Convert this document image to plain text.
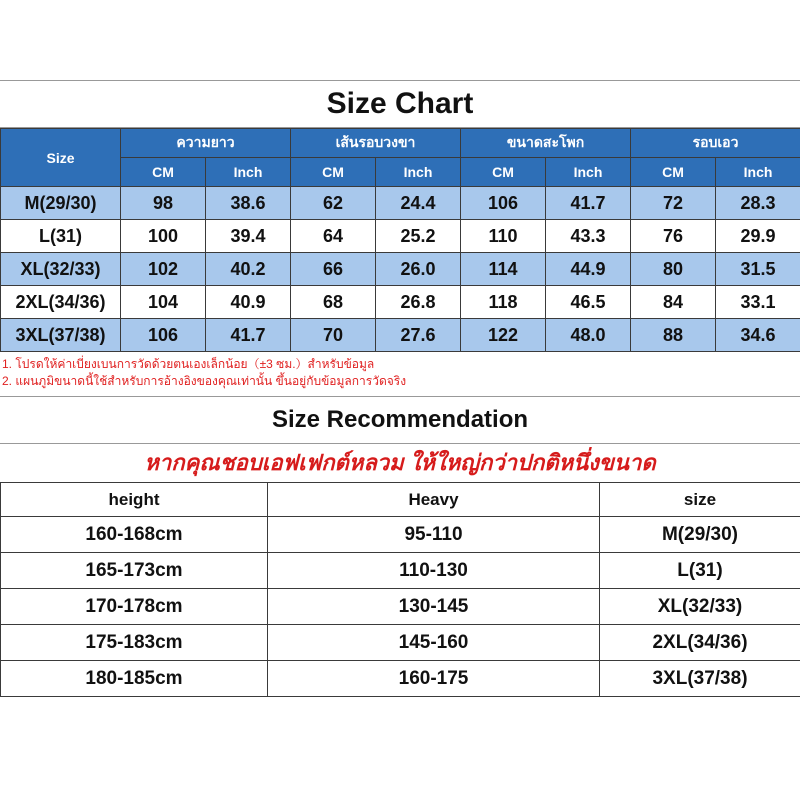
Size Chart
Size	ความยาว		เส้นรอบวงขา		ขนาดสะโพก		รอบเอว	
	CM	Inch	CM	Inch	CM	Inch	CM	Inch
M(29/30)	98	38.6	62	24.4	106	41.7	72	28.3
L(31)	100	39.4	64	25.2	110	43.3	76	29.9
XL(32/33)	102	40.2	66	26.0	114	44.9	80	31.5
2XL(34/36)	104	40.9	68	26.8	118	46.5	84	33.1
3XL(37/38)	106	41.7	70	27.6	122	48.0	88	34.6
1. โปรดให้ค่าเบี่ยงเบนการวัดด้วยตนเองเล็กน้อย（±3 ซม.）สำหรับข้อมูล
2. แผนภูมิขนาดนี้ใช้สำหรับการอ้างอิงของคุณเท่านั้น ขึ้นอยู่กับข้อมูลการวัดจริง
Size Recommendation
หากคุณชอบเอฟเฟกต์หลวม ให้ใหญ่กว่าปกติหนึ่งขนาด
height	Heavy	size
160-168cm	95-110	M(29/30)
165-173cm	110-130	L(31)
170-178cm	130-145	XL(32/33)
175-183cm	145-160	2XL(34/36)
180-185cm	160-175	3XL(37/38)
